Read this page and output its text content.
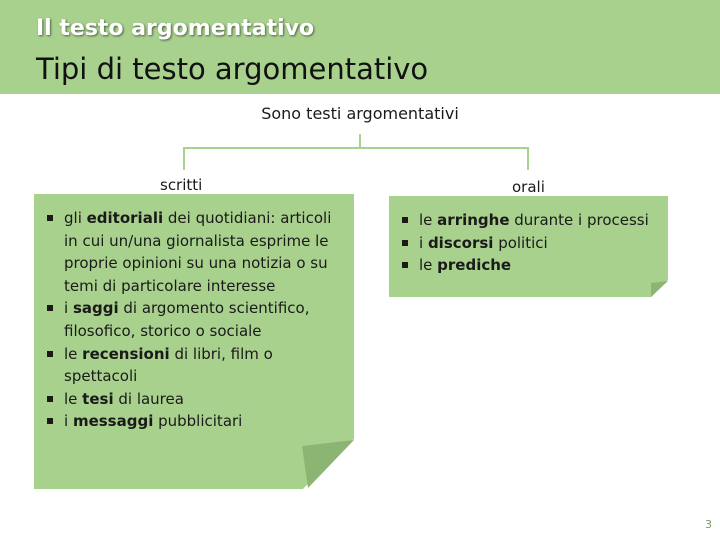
Il testo argomentativo
Tipi di testo argomentativo
Sono testi argomentativi
scritti	orali
gli editoriali dei quotidiani: articoli in cui un/una giornalista esprime le proprie opinioni su una notizia o su temi di particolare interesse
i saggi di argomento scientifico, filosofico, storico o sociale
le recensioni di libri, film o spettacoli
le tesi di laurea
i messaggi pubblicitari
le arringhe durante i processi
i discorsi politici
le prediche
3
